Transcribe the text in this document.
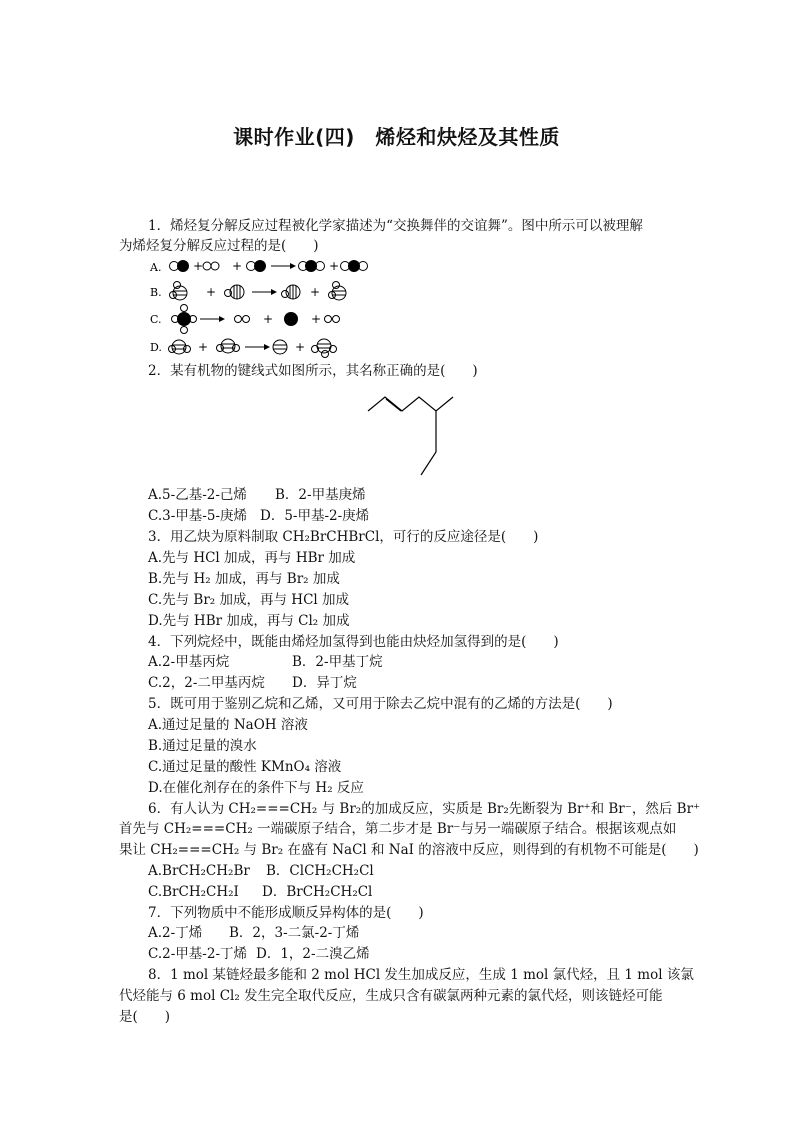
课时作业(四)　烯烃和炔烃及其性质
1．烯烃复分解反应过程被化学家描述为“交换舞伴的交谊舞”。图中所示可以被理解
为烯烃复分解反应过程的是(　　)
A.	+ +	+
B.	+	+
C.	+	+
D.	+	+
2．某有机物的键线式如图所示，其名称正确的是(　　)
A.5-乙基-2-己烯 B．2-甲基庚烯
C.3-甲基-5-庚烯 D．5-甲基-2-庚烯
3．用乙炔为原料制取 CH₂BrCHBrCl，可行的反应途径是(　　)
A.先与 HCl 加成，再与 HBr 加成
B.先与 H₂ 加成，再与 Br₂ 加成
C.先与 Br₂ 加成，再与 HCl 加成
D.先与 HBr 加成，再与 Cl₂ 加成
4．下列烷烃中，既能由烯烃加氢得到也能由炔烃加氢得到的是(　　)
A.2-甲基丙烷	B．2-甲基丁烷
C.2，2-二甲基丙烷 D．异丁烷
5．既可用于鉴别乙烷和乙烯，又可用于除去乙烷中混有的乙烯的方法是(　　)
A.通过足量的 NaOH 溶液
B.通过足量的溴水
C.通过足量的酸性 KMnO₄ 溶液
D.在催化剂存在的条件下与 H₂ 反应
6．有人认为 CH₂===CH₂ 与 Br₂的加成反应，实质是 Br₂先断裂为 Br⁺和 Br⁻，然后 Br⁺
首先与 CH₂===CH₂ 一端碳原子结合，第二步才是 Br⁻与另一端碳原子结合。根据该观点如
果让 CH₂===CH₂ 与 Br₂ 在盛有 NaCl 和 NaI 的溶液中反应，则得到的有机物不可能是(　　)
A.BrCH₂CH₂Br B．ClCH₂CH₂Cl
C.BrCH₂CH₂I D．BrCH₂CH₂Cl
7．下列物质中不能形成顺反异构体的是(　　)
A.2-丁烯 B．2，3-二氯-2-丁烯
C.2-甲基-2-丁烯 D．1，2-二溴乙烯
8．1 mol 某链烃最多能和 2 mol HCl 发生加成反应，生成 1 mol 氯代烃，且 1 mol 该氯
代烃能与 6 mol Cl₂ 发生完全取代反应，生成只含有碳氯两种元素的氯代烃，则该链烃可能
是(　　)
